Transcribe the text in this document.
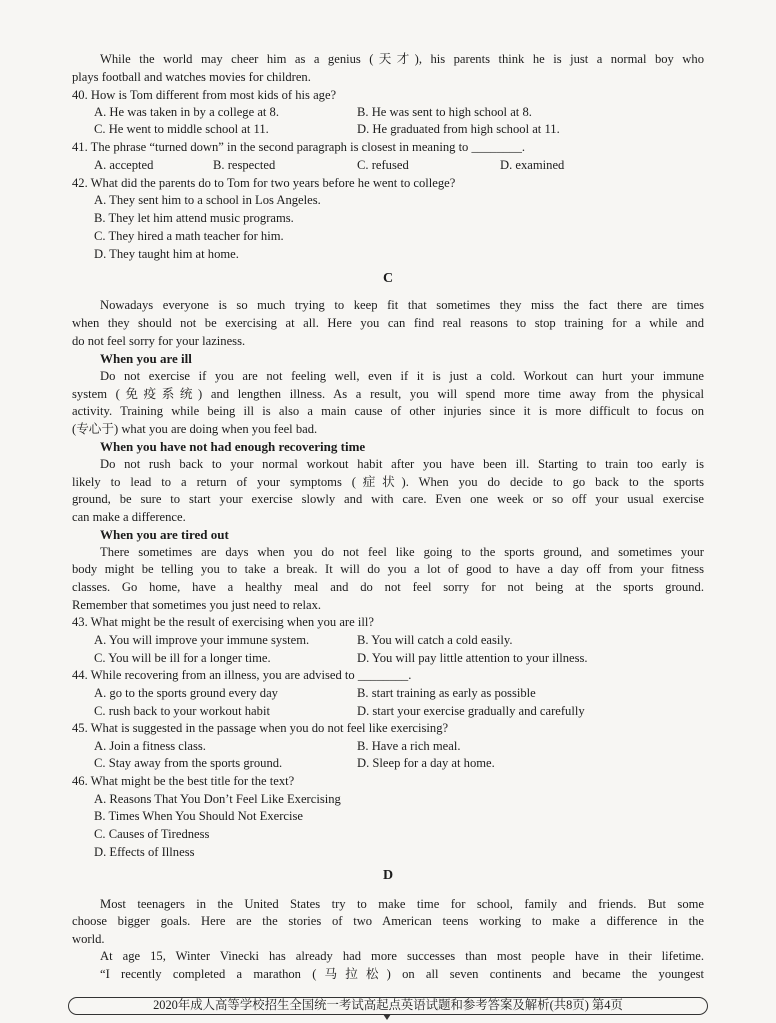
While the world may cheer him as a genius (天才), his parents think he is just a normal boy who
plays football and watches movies for children.
40. How is Tom different from most kids of his age?
A. He was taken in by a college at 8.	B. He was sent to high school at 8.
C. He went to middle school at 11.	D. He graduated from high school at 11.
41. The phrase “turned down” in the second paragraph is closest in meaning to ________.
A. accepted	B. respected	C. refused	D. examined
42. What did the parents do to Tom for two years before he went to college?
A. They sent him to a school in Los Angeles.
B. They let him attend music programs.
C. They hired a math teacher for him.
D. They taught him at home.
C
Nowadays everyone is so much trying to keep fit that sometimes they miss the fact there are times
when they should not be exercising at all. Here you can find real reasons to stop training for a while and
do not feel sorry for your laziness.
When you are ill
Do not exercise if you are not feeling well, even if it is just a cold. Workout can hurt your immune
system (免疫系统) and lengthen illness. As a result, you will spend more time away from the physical
activity. Training while being ill is also a main cause of other injuries since it is more difficult to focus on
(专心于) what you are doing when you feel bad.
When you have not had enough recovering time
Do not rush back to your normal workout habit after you have been ill. Starting to train too early is
likely to lead to a return of your symptoms (症状). When you do decide to go back to the sports
ground, be sure to start your exercise slowly and with care. Even one week or so off your usual exercise
can make a difference.
When you are tired out
There sometimes are days when you do not feel like going to the sports ground, and sometimes your
body might be telling you to take a break. It will do you a lot of good to have a day off from your fitness
classes. Go home, have a healthy meal and do not feel sorry for not being at the sports ground.
Remember that sometimes you just need to relax.
43. What might be the result of exercising when you are ill?
A. You will improve your immune system.	B. You will catch a cold easily.
C. You will be ill for a longer time.	D. You will pay little attention to your illness.
44. While recovering from an illness, you are advised to ________.
A. go to the sports ground every day	B. start training as early as possible
C. rush back to your workout habit	D. start your exercise gradually and carefully
45. What is suggested in the passage when you do not feel like exercising?
A. Join a fitness class.	B. Have a rich meal.
C. Stay away from the sports ground.	D. Sleep for a day at home.
46. What might be the best title for the text?
A. Reasons That You Don’t Feel Like Exercising
B. Times When You Should Not Exercise
C. Causes of Tiredness
D. Effects of Illness
D
Most teenagers in the United States try to make time for school, family and friends. But some
choose bigger goals. Here are the stories of two American teens working to make a difference in the
world.
At age 15, Winter Vinecki has already had more successes than most people have in their lifetime.
“I recently completed a marathon (马拉松) on all seven continents and became the youngest
2020年成人高等学校招生全国统一考试高起点英语试题和参考答案及解析(共8页) 第4页
